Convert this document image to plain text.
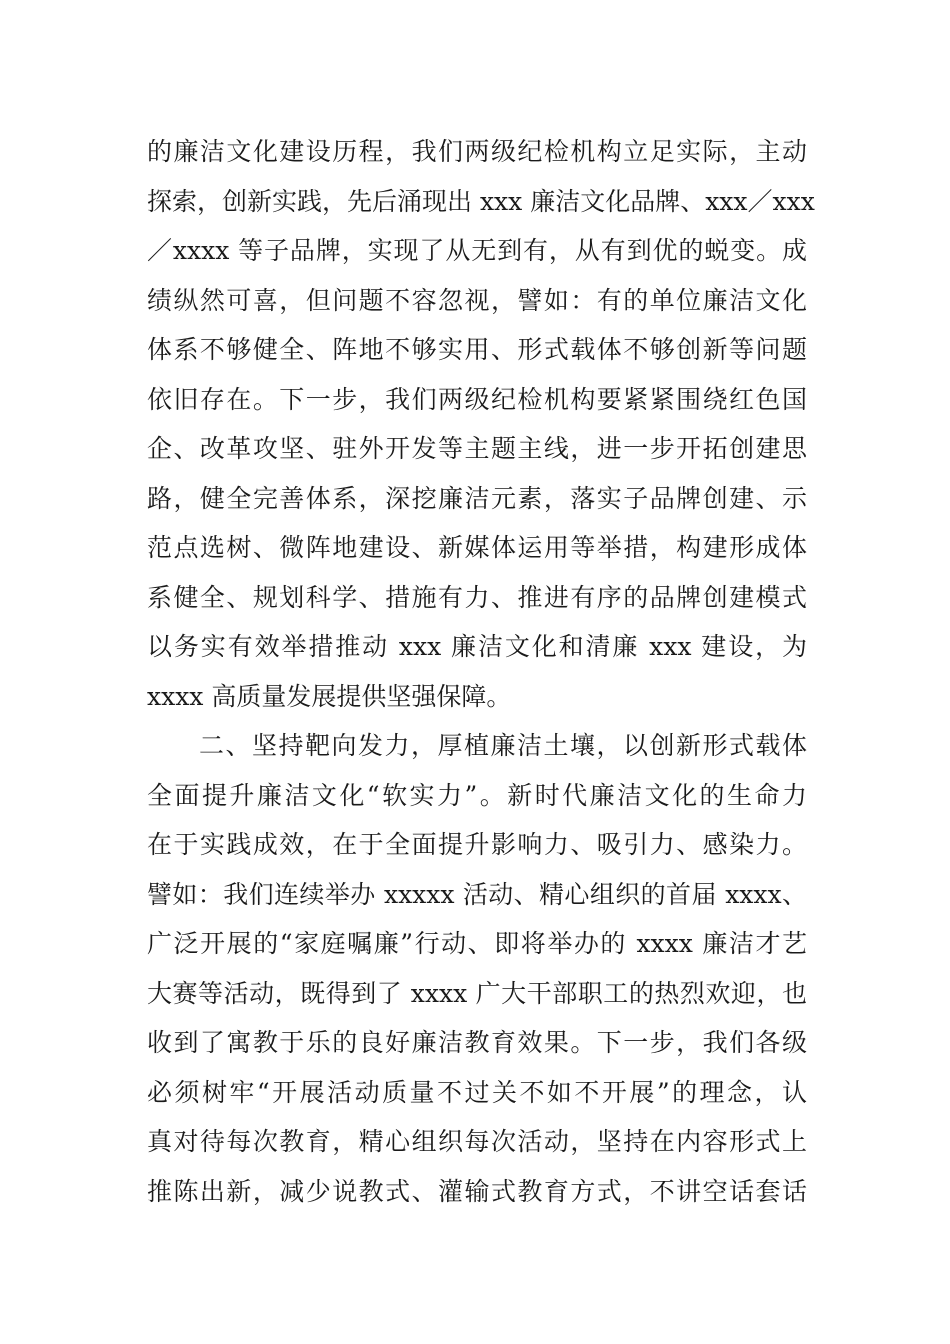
的廉洁文化建设历程，我们两级纪检机构立足实际，主动
探索，创新实践，先后涌现出 xxx 廉洁文化品牌、xxx／xxx
／xxxx 等子品牌，实现了从无到有，从有到优的蜕变。成
绩纵然可喜，但问题不容忽视，譬如：有的单位廉洁文化
体系不够健全、阵地不够实用、形式载体不够创新等问题
依旧存在。下一步，我们两级纪检机构要紧紧围绕红色国
企、改革攻坚、驻外开发等主题主线，进一步开拓创建思
路，健全完善体系，深挖廉洁元素，落实子品牌创建、示
范点选树、微阵地建设、新媒体运用等举措，构建形成体
系健全、规划科学、措施有力、推进有序的品牌创建模式
以务实有效举措推动 xxx 廉洁文化和清廉 xxx 建设，为
xxxx 高质量发展提供坚强保障。
二、坚持靶向发力，厚植廉洁土壤，以创新形式载体
全面提升廉洁文化“软实力”。新时代廉洁文化的生命力
在于实践成效，在于全面提升影响力、吸引力、感染力。
譬如：我们连续举办 xxxxx 活动、精心组织的首届 xxxx、
广泛开展的“家庭嘱廉”行动、即将举办的 xxxx 廉洁才艺
大赛等活动，既得到了 xxxx 广大干部职工的热烈欢迎，也
收到了寓教于乐的良好廉洁教育效果。下一步，我们各级
必须树牢“开展活动质量不过关不如不开展”的理念，认
真对待每次教育，精心组织每次活动，坚持在内容形式上
推陈出新，减少说教式、灌输式教育方式，不讲空话套话
